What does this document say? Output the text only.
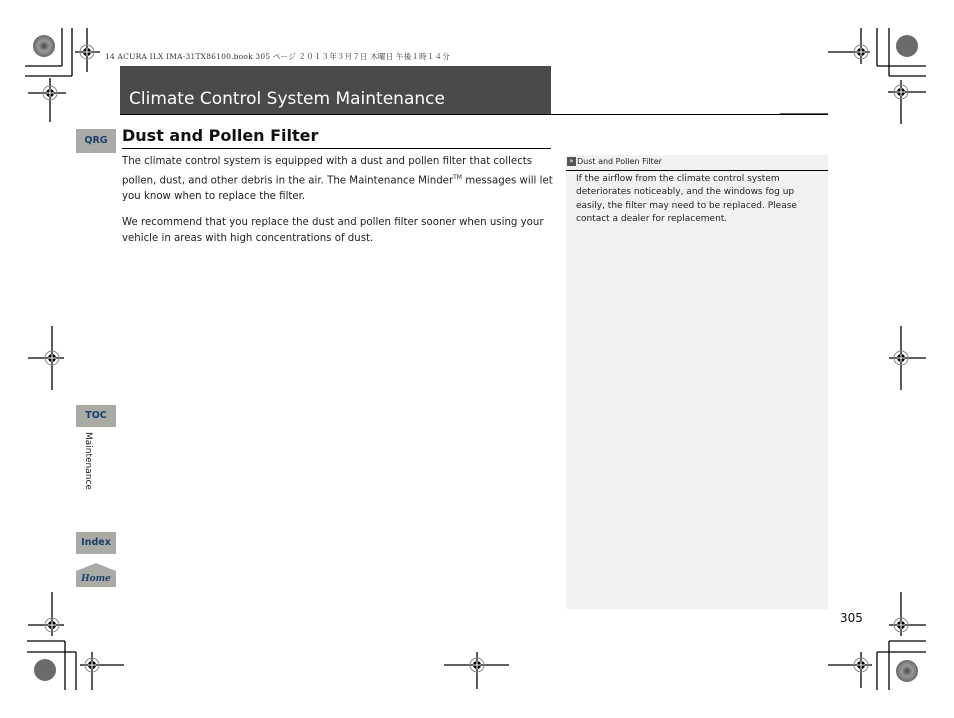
14 ACURA ILX IMA-31TX86100.book 305 ページ ２０１３年３月７日 木曜日 午後１時１４分
Climate Control System Maintenance
Dust and Pollen Filter
The climate control system is equipped with a dust and pollen filter that collects pollen, dust, and other debris in the air. The Maintenance Minder™ messages will let you know when to replace the filter.
We recommend that you replace the dust and pollen filter sooner when using your vehicle in areas with high concentrations of dust.
» Dust and Pollen Filter
If the airflow from the climate control system deteriorates noticeably, and the windows fog up easily, the filter may need to be replaced. Please contact a dealer for replacement.
QRG
TOC
Maintenance
Index
Home
305
